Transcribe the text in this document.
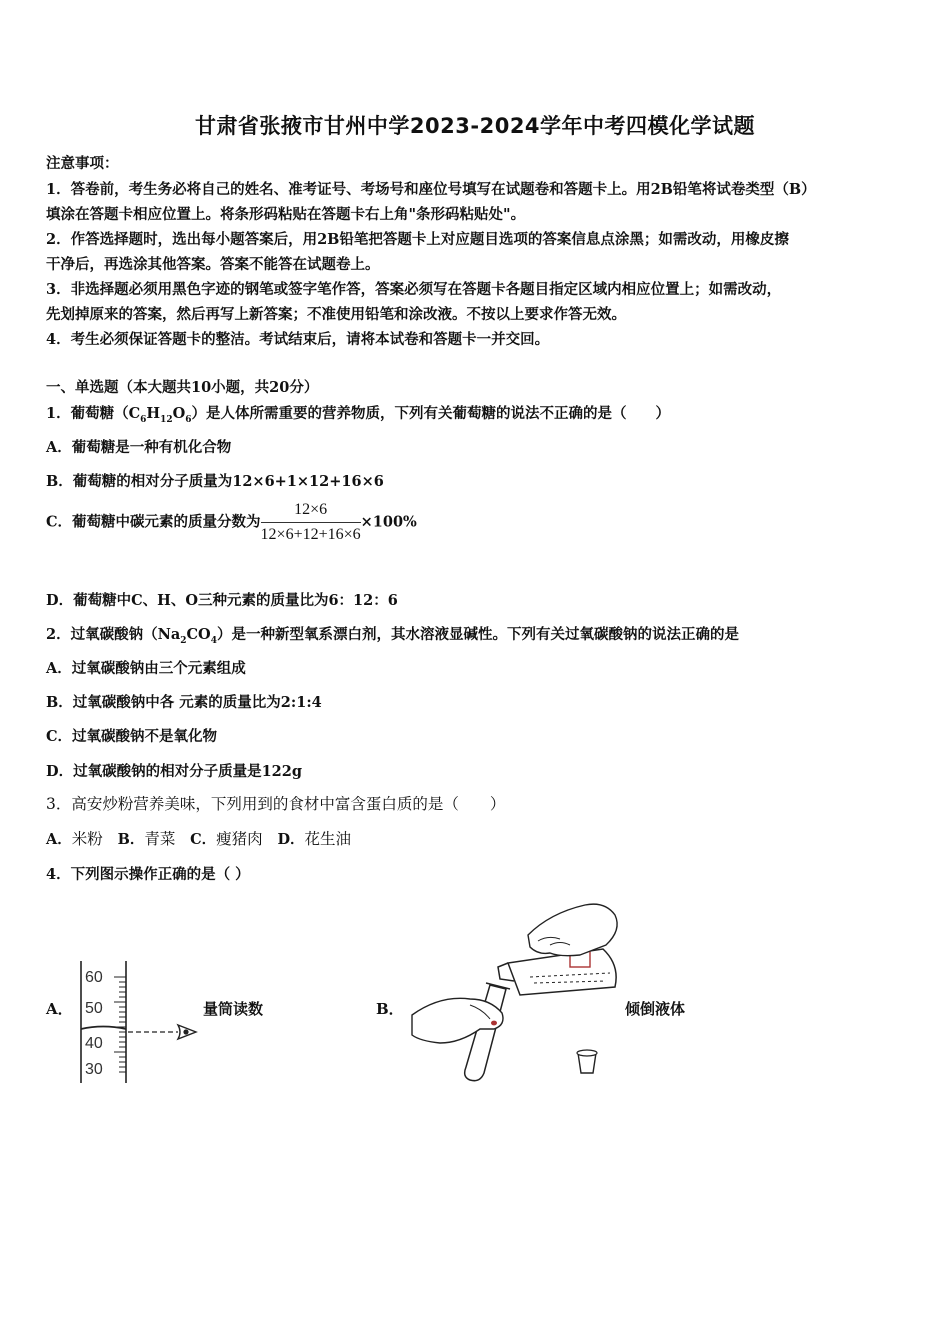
甘肃省张掖市甘州中学2023-2024学年中考四模化学试题
注意事项：
1．答卷前，考生务必将自己的姓名、准考证号、考场号和座位号填写在试题卷和答题卡上。用2B铅笔将试卷类型（B）
填涂在答题卡相应位置上。将条形码粘贴在答题卡右上角"条形码粘贴处"。
2．作答选择题时，选出每小题答案后，用2B铅笔把答题卡上对应题目选项的答案信息点涂黑；如需改动，用橡皮擦
干净后，再选涂其他答案。答案不能答在试题卷上。
3．非选择题必须用黑色字迹的钢笔或签字笔作答，答案必须写在答题卡各题目指定区域内相应位置上；如需改动，
先划掉原来的答案，然后再写上新答案；不准使用铅笔和涂改液。不按以上要求作答无效。
4．考生必须保证答题卡的整洁。考试结束后，请将本试卷和答题卡一并交回。
一、单选题（本大题共10小题，共20分）
1．葡萄糖$(C_6H_{12}O_6)$是人体所需重要的营养物质，下列有关葡萄糖的说法不正确的是（　　）
A．葡萄糖是一种有机化合物
B．葡萄糖的相对分子质量为12×6+1×12+16×6
C．葡萄糖中碳元素的质量分数为 $\frac{12\times 6}{12\times 6+12+16\times 6} \times 100\%$
D．葡萄糖中C、H、O三种元素的质量比为6：12：6
2．过氧碳酸钠$(Na_2CO_4)$是一种新型氧系漂白剂，其水溶液显碱性。下列有关过氧碳酸钠的说法正确的是
A．过氧碳酸钠由三个元素组成
B．过氧碳酸钠中各 元素的质量比为2:1:4
C．过氧碳酸钠不是氧化物
D．过氧碳酸钠的相对分子质量是122g
3．高安炒粉营养美味，下列用到的食材中富含蛋白质的是（　　）
A．米粉 B．青菜 C．瘦猪肉 D．花生油
4．下列图示操作正确的是（ ）
A．
60
50
40
30
量筒读数	B．	倾倒液体
